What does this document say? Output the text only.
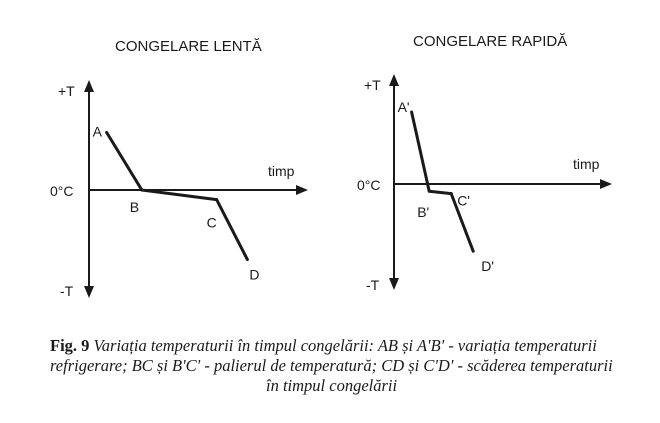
CONGELARE LENTĂ
timp
+T
0°C
-T
A
B
C
D
CONGELARE RAPIDĂ
timp
+T
0°C
-T
A'
B'
C'
D'
Fig. 9 Variația temperaturii în timpul congelării: AB și A'B' - variația temperaturii
refrigerare; BC și B'C' - palierul de temperatură; CD și C'D' - scăderea temperaturii

în timpul congelării
